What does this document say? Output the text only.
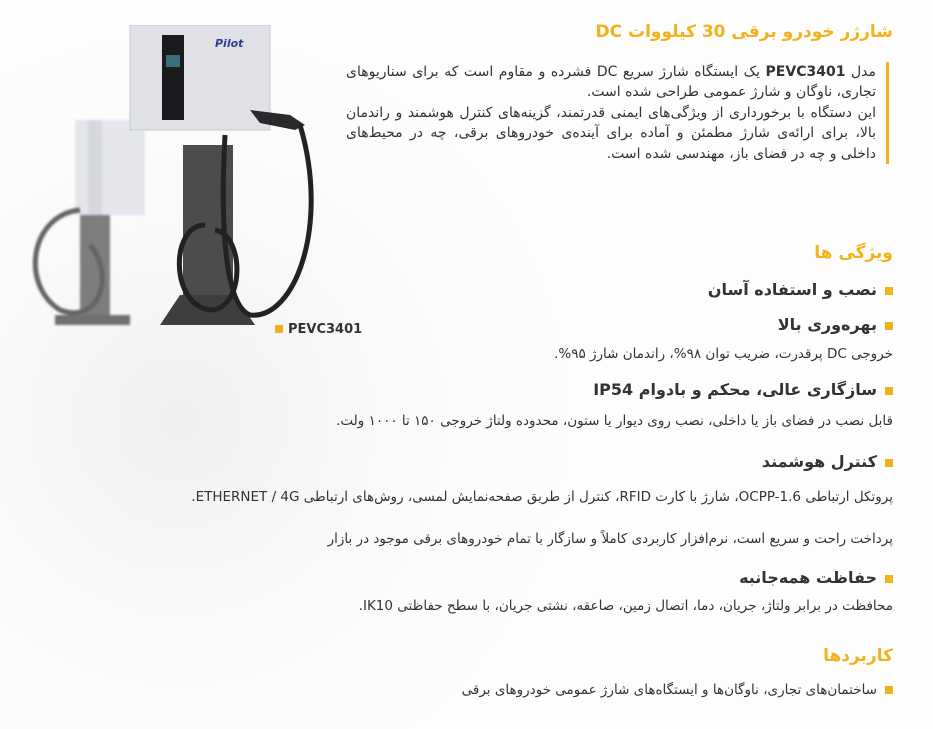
Pilot
PEVC3401
شارژر خودرو برقی 30 کیلووات DC
مدل PEVC3401 یک ایستگاه شارژ سریع DC فشرده و مقاوم است که برای سناریوهای تجاری، ناوگان و شارژ عمومی طراحی شده است.
این دستگاه با برخورداری از ویژگی‌های ایمنی قدرتمند، گزینه‌های کنترل هوشمند و راندمان بالا، برای ارائه‌ی شارژ مطمئن و آماده برای آینده‌ی خودروهای برقی، چه در محیط‌های داخلی و چه در فضای باز، مهندسی شده است.
ویژگی ها
نصب و استفاده آسان
بهره‌وری بالا
خروجی DC پرقدرت، ضریب توان ۹۸%، راندمان شارژ ۹۵%.
سازگاری عالی، محکم و بادوام IP54
قابل نصب در فضای باز یا داخلی، نصب روی دیوار یا ستون، محدوده ولتاژ خروجی ۱۵۰ تا ۱۰۰۰ ولت.
کنترل هوشمند
پروتکل ارتباطی OCPP-1.6، شارژ با کارت RFID، کنترل از طریق صفحه‌نمایش لمسی، روش‌های ارتباطی ETHERNET / 4G.
پرداخت راحت و سریع است، نرم‌افزار کاربردی کاملاً و سازگار با تمام خودروهای برقی موجود در بازار
حفاظت همه‌جانبه
محافظت در برابر ولتاژ، جریان، دما، اتصال زمین، صاعقه، نشتی جریان، با سطح حفاظتی IK10.
کاربردها
ساختمان‌های تجاری، ناوگان‌ها و ایستگاه‌های شارژ عمومی خودروهای برقی
